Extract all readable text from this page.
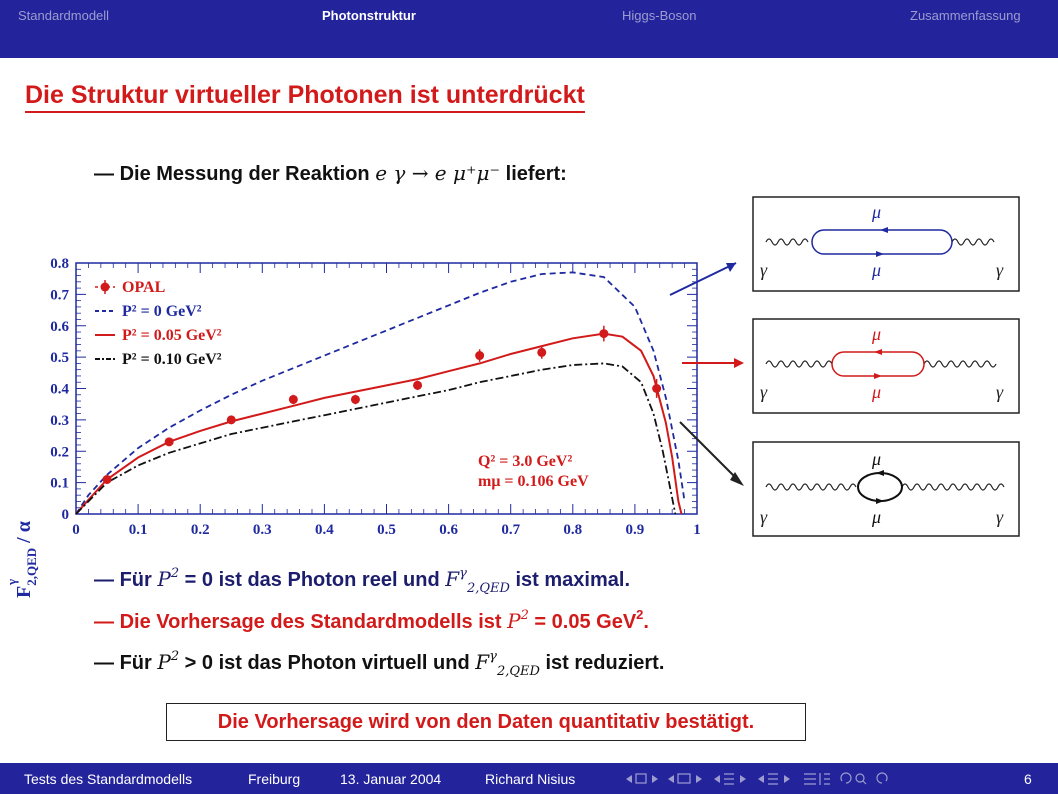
Standardmodell	Photonstruktur	Higgs-Boson	Zusammenfassung
Die Struktur virtueller Photonen ist unterdrückt
— Die Messung der Reaktion e γ → e μ⁺μ⁻ liefert:
0	0.1	0.2	0.3	0.4	0.5	0.6	0.7	0.8	0.9	1
0
0.1
0.2
0.3
0.4
0.5
0.6
0.7
0.8
OPAL
P² = 0 GeV²
P² = 0.05 GeV²
P² = 0.10 GeV²
$F_{2,QED}$ / α
γ
Q² = 3.0 GeV²
mμ = 0.106 GeV
μ
μ
γ	γ
μ
μ
γ	γ
μ
μ
γ	γ
— Für $P^2 = 0$ ist das Photon reel und $F^\gamma_{2,QED}$ ist maximal.
— Die Vorhersage des Standardmodells ist $P^2 = 0.05$ GeV$^2$.
— Für $P^2 > 0$ ist das Photon virtuell und $F^\gamma_{2,QED}$ ist reduziert.
Die Vorhersage wird von den Daten quantitativ bestätigt.
Tests des Standardmodells	Freiburg	13. Januar 2004	Richard Nisius	6
